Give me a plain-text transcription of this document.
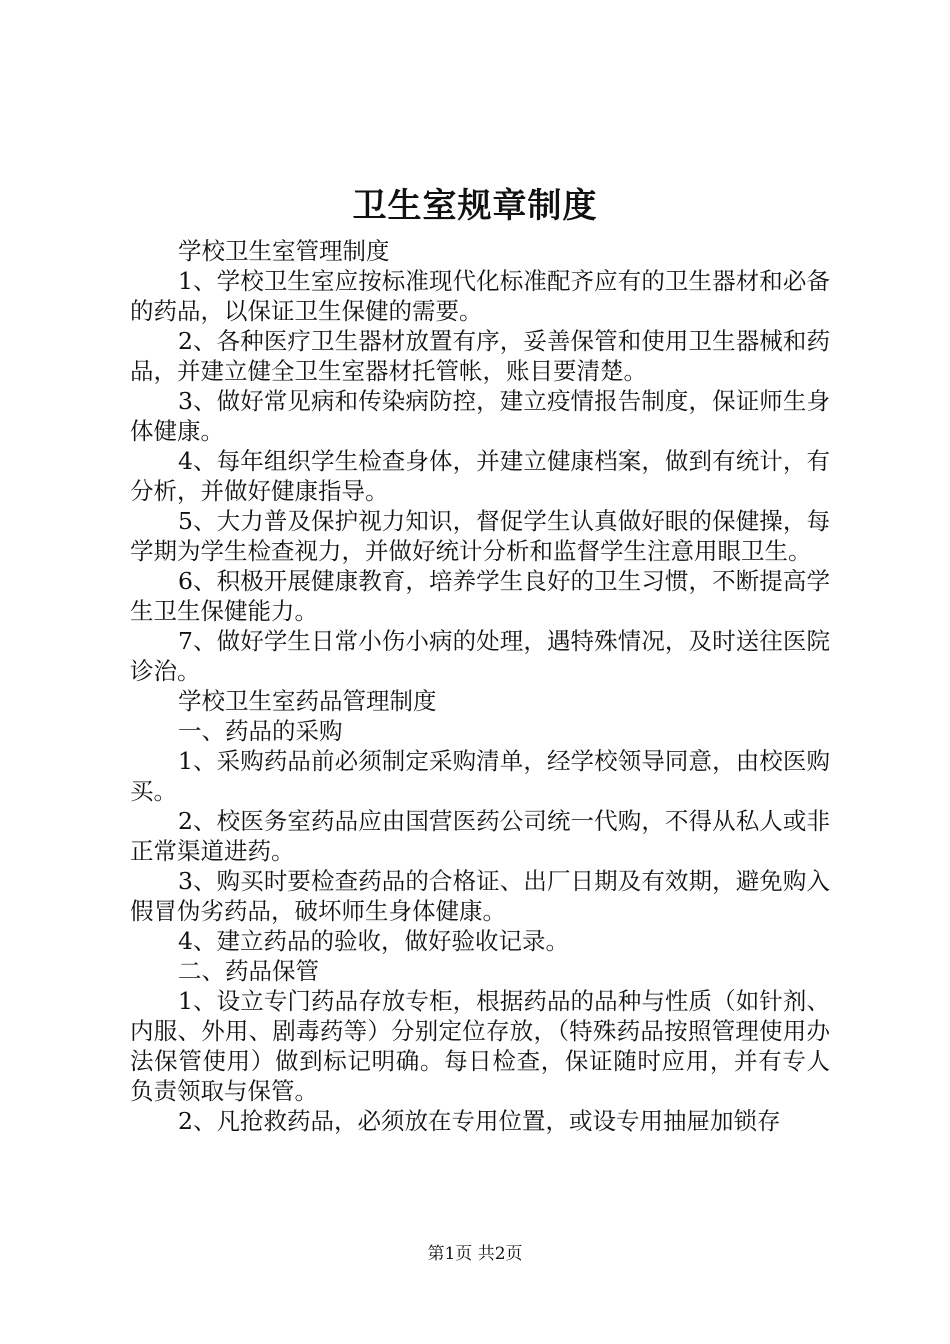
卫生室规章制度

学校卫生室管理制度

1、学校卫生室应按标准现代化标准配齐应有的卫生器材和必备的药品，以保证卫生保健的需要。

2、各种医疗卫生器材放置有序，妥善保管和使用卫生器械和药品，并建立健全卫生室器材托管帐，账目要清楚。

3、做好常见病和传染病防控，建立疫情报告制度，保证师生身体健康。

4、每年组织学生检查身体，并建立健康档案，做到有统计，有分析，并做好健康指导。

5、大力普及保护视力知识，督促学生认真做好眼的保健操，每学期为学生检查视力，并做好统计分析和监督学生注意用眼卫生。

6、积极开展健康教育，培养学生良好的卫生习惯，不断提高学生卫生保健能力。

7、做好学生日常小伤小病的处理，遇特殊情况，及时送往医院诊治。

学校卫生室药品管理制度

一、药品的采购

1、采购药品前必须制定采购清单，经学校领导同意，由校医购买。

2、校医务室药品应由国营医药公司统一代购，不得从私人或非正常渠道进药。

3、购买时要检查药品的合格证、出厂日期及有效期，避免购入假冒伪劣药品，破坏师生身体健康。

4、建立药品的验收，做好验收记录。

二、药品保管

1、设立专门药品存放专柜，根据药品的品种与性质（如针剂、内服、外用、剧毒药等）分别定位存放，（特殊药品按照管理使用办法保管使用）做到标记明确。每日检查，保证随时应用，并有专人负责领取与保管。

2、凡抢救药品，必须放在专用位置，或设专用抽屉加锁存

第1页 共2页
